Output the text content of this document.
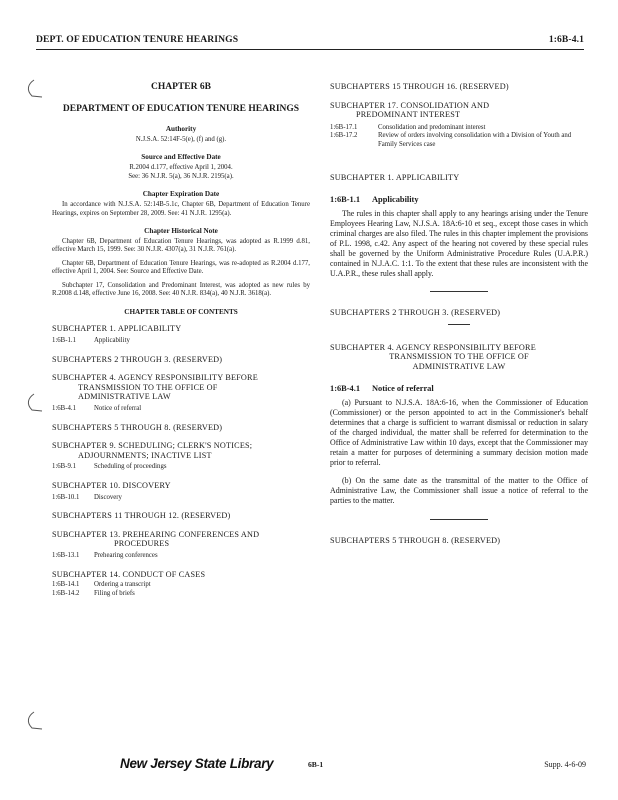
DEPT. OF EDUCATION TENURE HEARINGS	1:6B-4.1
CHAPTER 6B
DEPARTMENT OF EDUCATION TENURE HEARINGS
Authority
N.J.S.A. 52:14F-5(e), (f) and (g).
Source and Effective Date
R.2004 d.177, effective April 1, 2004.
See: 36 N.J.R. 5(a), 36 N.J.R. 2195(a).
Chapter Expiration Date

In accordance with N.J.S.A. 52:14B-5.1c, Chapter 6B, Department of Education Tenure Hearings, expires on September 28, 2009. See: 41 N.J.R. 1295(a).

Chapter Historical Note

Chapter 6B, Department of Education Tenure Hearings, was adopted as R.1999 d.81, effective March 15, 1999. See: 30 N.J.R. 4307(a), 31 N.J.R. 761(a).

Chapter 6B, Department of Education Tenure Hearings, was re-adopted as R.2004 d.177, effective April 1, 2004. See: Source and Effective Date.

Subchapter 17, Consolidation and Predominant Interest, was adopted as new rules by R.2008 d.148, effective June 16, 2008. See: 40 N.J.R. 834(a), 40 N.J.R. 3618(a).

CHAPTER TABLE OF CONTENTS
SUBCHAPTER 1. APPLICABILITY
1:6B-1.1	Applicability
SUBCHAPTERS 2 THROUGH 3. (RESERVED)
SUBCHAPTER 4. AGENCY RESPONSIBILITY BEFORE
TRANSMISSION TO THE OFFICE OF
ADMINISTRATIVE LAW
1:6B-4.1	Notice of referral
SUBCHAPTERS 5 THROUGH 8. (RESERVED)
SUBCHAPTER 9. SCHEDULING; CLERK'S NOTICES;
ADJOURNMENTS; INACTIVE LIST
1:6B-9.1	Scheduling of proceedings
SUBCHAPTER 10. DISCOVERY
1:6B-10.1 Discovery
SUBCHAPTERS 11 THROUGH 12. (RESERVED)
SUBCHAPTER 13. PREHEARING CONFERENCES AND
PROCEDURES
1:6B-13.1 Prehearing conferences
SUBCHAPTER 14. CONDUCT OF CASES
1:6B-14.1 Ordering a transcript
1:6B-14.2 Filing of briefs
SUBCHAPTERS 15 THROUGH 16. (RESERVED)
SUBCHAPTER 17. CONSOLIDATION AND
PREDOMINANT INTEREST
1:6B-17.1	Consolidation and predominant interest
1:6B-17.2	Review of orders involving consolidation with a Division of Youth and Family Services case
SUBCHAPTER 1. APPLICABILITY
1:6B-1.1 Applicability

The rules in this chapter shall apply to any hearings arising under the Tenure Employees Hearing Law, N.J.S.A. 18A:6-10 et seq., except those cases in which criminal charges are also filed. The rules in this chapter implement the provisions of P.L. 1998, c.42. Any aspect of the hearing not covered by these special rules shall be governed by the Uniform Administrative Procedure Rules (U.A.P.R.) contained in N.J.A.C. 1:1. To the extent that these rules are inconsistent with the U.A.P.R., these rules shall apply.

SUBCHAPTERS 2 THROUGH 3. (RESERVED)
SUBCHAPTER 4. AGENCY RESPONSIBILITY BEFORE
TRANSMISSION TO THE OFFICE OF
ADMINISTRATIVE LAW
1:6B-4.1 Notice of referral

(a) Pursuant to N.J.S.A. 18A:6-16, when the Commissioner of Education (Commissioner) or the person appointed to act in the Commissioner's behalf determines that a charge is sufficient to warrant dismissal or reduction in salary of the charged individual, the matter shall be referred for determination to the Office of Administrative Law within 10 days, except that the Commissioner may retain a matter for purposes of determining a summary decision motion made prior to referral.

(b) On the same date as the transmittal of the matter to the Office of Administrative Law, the Commissioner shall issue a notice of referral to the parties to the matter.

SUBCHAPTERS 5 THROUGH 8. (RESERVED)
New Jersey State Library	6B-1	Supp. 4-6-09
